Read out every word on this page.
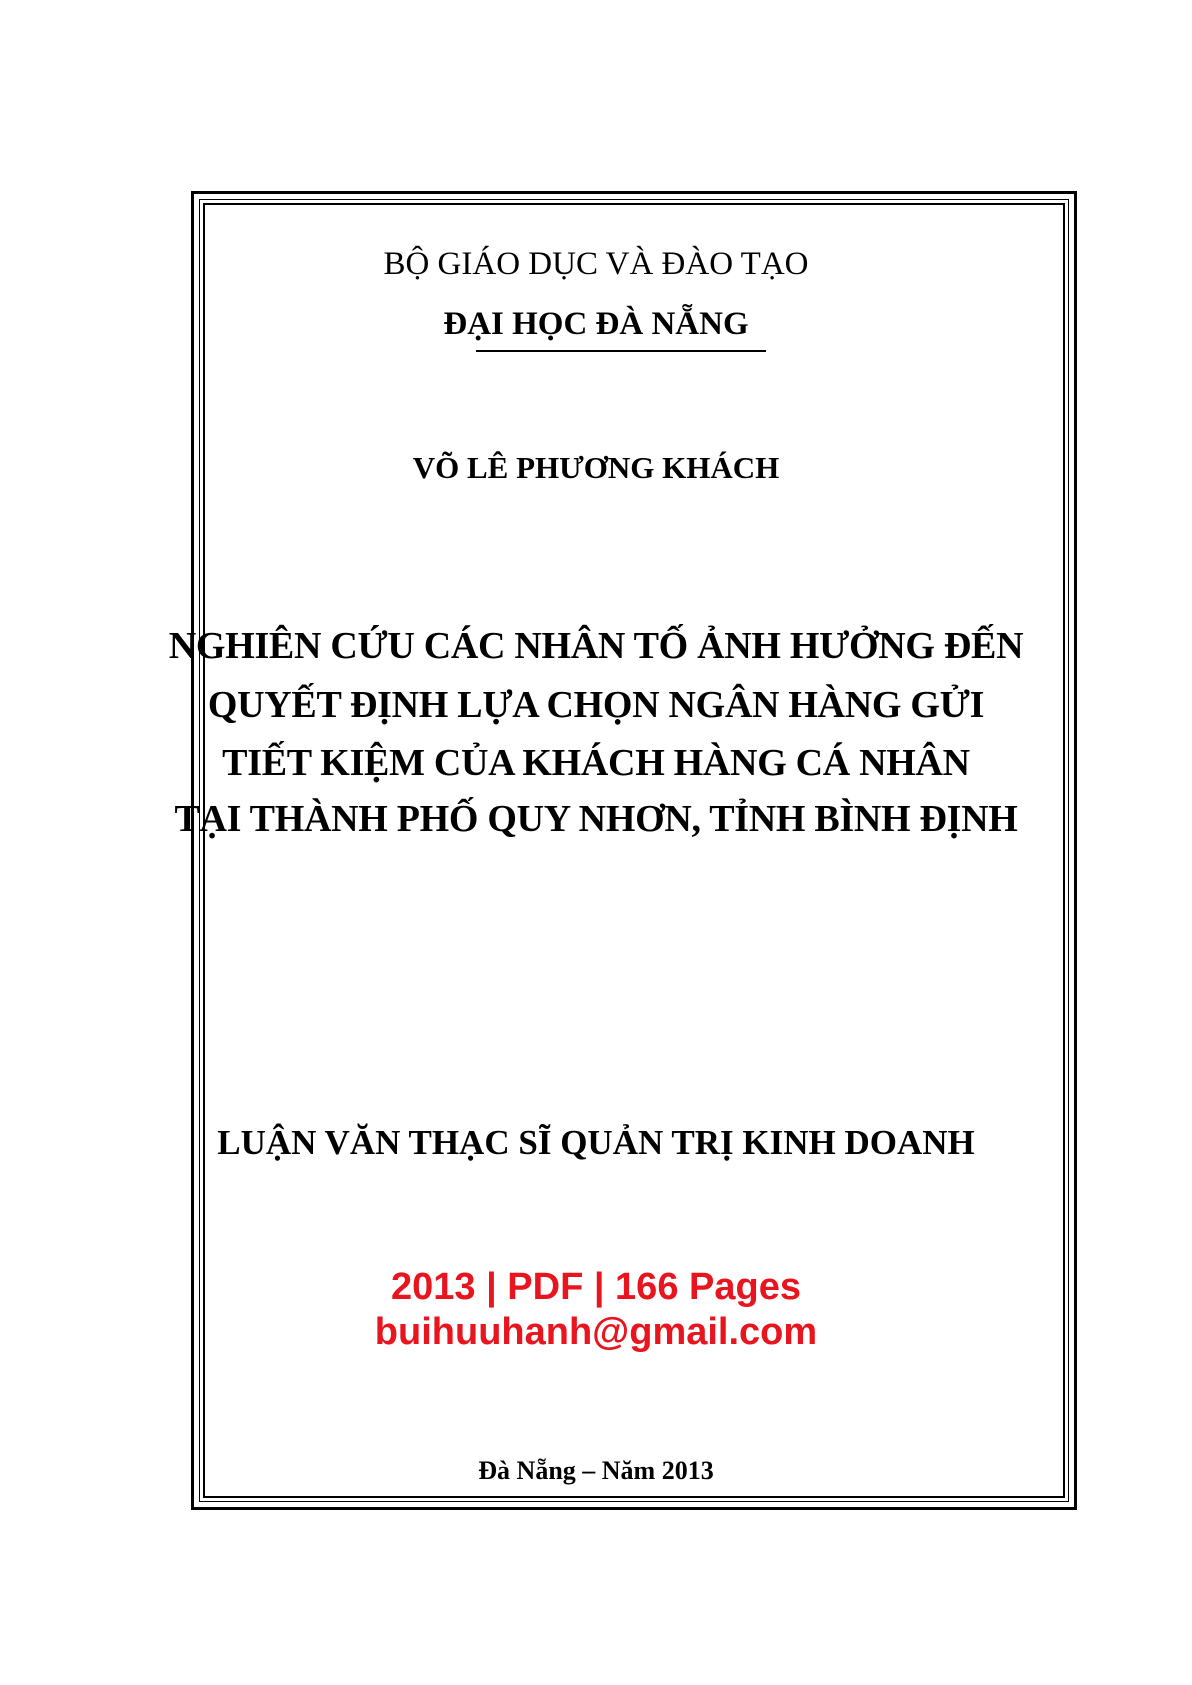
BỘ GIÁO DỤC VÀ ĐÀO TẠO
ĐẠI HỌC ĐÀ NẴNG
VÕ LÊ PHƯƠNG KHÁCH
NGHIÊN CỨU CÁC NHÂN TỐ ẢNH HƯỞNG ĐẾN
QUYẾT ĐỊNH LỰA CHỌN NGÂN HÀNG GỬI
TIẾT KIỆM CỦA KHÁCH HÀNG CÁ NHÂN
TẠI THÀNH PHỐ QUY NHƠN, TỈNH BÌNH ĐỊNH
LUẬN VĂN THẠC SĨ QUẢN TRỊ KINH DOANH
2013 | PDF | 166 Pages
buihuuhanh@gmail.com
Đà Nẵng – Năm 2013
